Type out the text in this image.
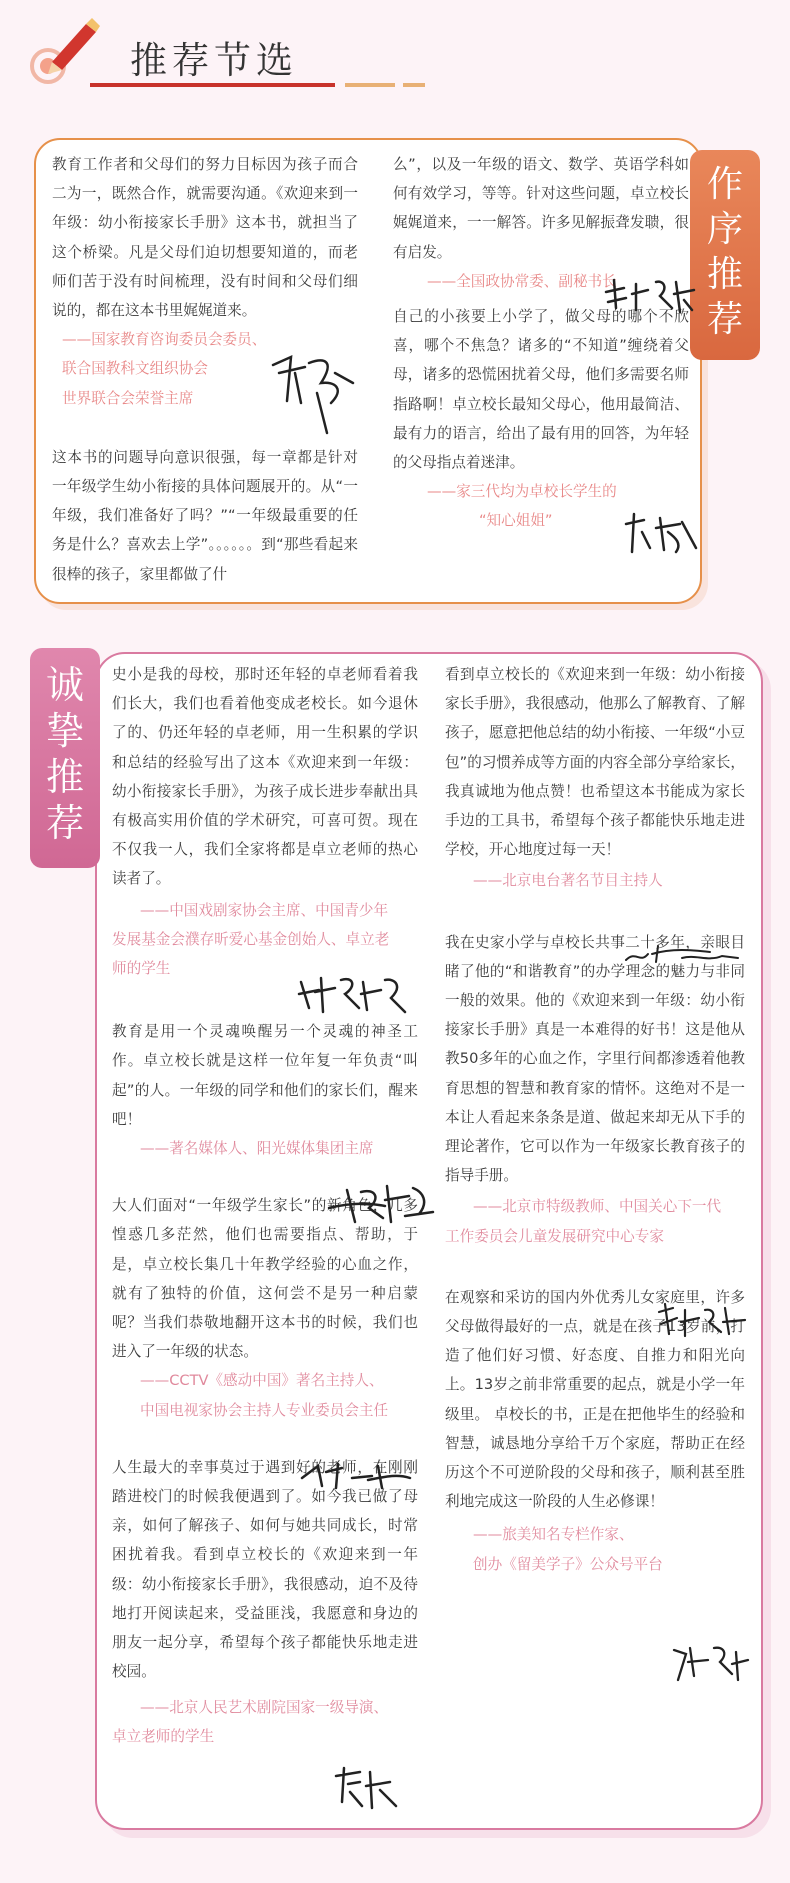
推荐节选
作
序
推
荐

教育工作者和父母们的努力目标因为孩子而合二为一，既然合作，就需要沟通。《欢迎来到一年级：幼小衔接家长手册》这本书，就担当了这个桥梁。凡是父母们迫切想要知道的，而老师们苦于没有时间梳理，没有时间和父母们细说的，都在这本书里娓娓道来。

——国家教育咨询委员会委员、
联合国教科文组织协会
世界联合会荣誉主席

这本书的问题导向意识很强，每一章都是针对一年级学生幼小衔接的具体问题展开的。从“一年级，我们准备好了吗？”“一年级最重要的任务是什么？喜欢去上学”。。。。。。到“那些看起来很棒的孩子，家里都做了什

么”，以及一年级的语文、数学、英语学科如何有效学习，等等。针对这些问题，卓立校长娓娓道来，一一解答。许多见解振聋发聩，很有启发。

——全国政协常委、副秘书长

自己的小孩要上小学了，做父母的哪个不欣喜，哪个不焦急？诸多的“不知道”缠绕着父母，诸多的恐慌困扰着父母，他们多需要名师指路啊！卓立校长最知父母心，他用最简洁、最有力的语言，给出了最有用的回答，为年轻的父母指点着迷津。

——家三代均为卓校长学生的
“知心姐姐”

诚
挚
推
荐

史小是我的母校，那时还年轻的卓老师看着我们长大，我们也看着他变成老校长。如今退休了的、仍还年轻的卓老师，用一生积累的学识和总结的经验写出了这本《欢迎来到一年级：幼小衔接家长手册》，为孩子成长进步奉献出具有极高实用价值的学术研究，可喜可贺。现在不仅我一人，我们全家将都是卓立老师的热心读者了。

——中国戏剧家协会主席、中国青少年
发展基金会濮存昕爱心基金创始人、卓立老
师的学生

教育是用一个灵魂唤醒另一个灵魂的神圣工作。卓立校长就是这样一位年复一年负责“叫起”的人。一年级的同学和他们的家长们，醒来吧！

——著名媒体人、阳光媒体集团主席

大人们面对“一年级学生家长”的新角色，几多惶惑几多茫然，他们也需要指点、帮助，于是，卓立校长集几十年教学经验的心血之作，就有了独特的价值，这何尝不是另一种启蒙呢？当我们恭敬地翻开这本书的时候，我们也进入了一年级的状态。

——CCTV《感动中国》著名主持人、
中国电视家协会主持人专业委员会主任

人生最大的幸事莫过于遇到好的老师，在刚刚踏进校门的时候我便遇到了。如今我已做了母亲，如何了解孩子、如何与她共同成长，时常困扰着我。看到卓立校长的《欢迎来到一年级：幼小衔接家长手册》，我很感动，迫不及待地打开阅读起来，受益匪浅，我愿意和身边的朋友一起分享，希望每个孩子都能快乐地走进校园。

——北京人民艺术剧院国家一级导演、
卓立老师的学生

看到卓立校长的《欢迎来到一年级：幼小衔接家长手册》，我很感动，他那么了解教育、了解孩子，愿意把他总结的幼小衔接、一年级“小豆包”的习惯养成等方面的内容全部分享给家长，我真诚地为他点赞！也希望这本书能成为家长手边的工具书，希望每个孩子都能快乐地走进学校，开心地度过每一天！

——北京电台著名节目主持人

我在史家小学与卓校长共事二十多年，亲眼目睹了他的“和谐教育”的办学理念的魅力与非同一般的效果。他的《欢迎来到一年级：幼小衔接家长手册》真是一本难得的好书！这是他从教50多年的心血之作，字里行间都渗透着他教育思想的智慧和教育家的情怀。这绝对不是一本让人看起来条条是道、做起来却无从下手的理论著作，它可以作为一年级家长教育孩子的指导手册。

——北京市特级教师、中国关心下一代
工作委员会儿童发展研究中心专家

在观察和采访的国内外优秀儿女家庭里，许多父母做得最好的一点，就是在孩子13岁前，打造了他们好习惯、好态度、自推力和阳光向上。13岁之前非常重要的起点，就是小学一年级里。 卓校长的书，正是在把他毕生的经验和智慧，诚恳地分享给千万个家庭，帮助正在经历这个不可逆阶段的父母和孩子，顺利甚至胜利地完成这一阶段的人生必修课！

——旅美知名专栏作家、
创办《留美学子》公众号平台
